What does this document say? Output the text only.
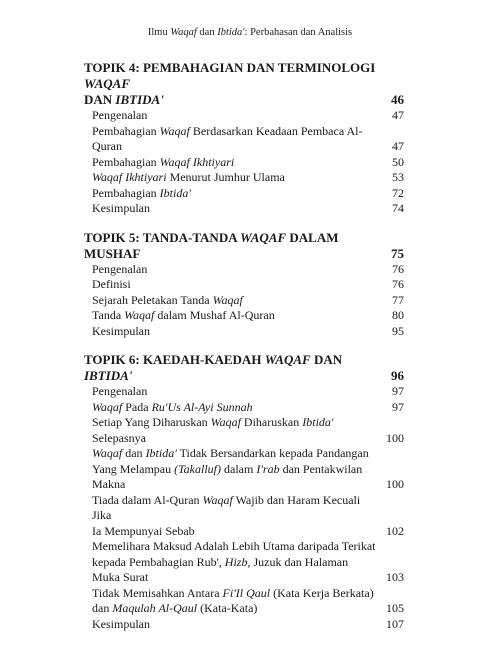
Ilmu Waqaf dan Ibtida': Perbahasan dan Analisis
TOPIK 4: PEMBAHAGIAN DAN TERMINOLOGI WAQAF
DAN IBTIDA'	46
Pengenalan	47
Pembahagian Waqaf Berdasarkan Keadaan Pembaca Al-Quran	47
Pembahagian Waqaf Ikhtiyari	50
Waqaf Ikhtiyari Menurut Jumhur Ulama	53
Pembahagian Ibtida'	72
Kesimpulan	74
TOPIK 5: TANDA-TANDA WAQAF DALAM MUSHAF	75
Pengenalan	76
Definisi	76
Sejarah Peletakan Tanda Waqaf	77
Tanda Waqaf dalam Mushaf Al-Quran	80
Kesimpulan	95
TOPIK 6: KAEDAH-KAEDAH WAQAF DAN IBTIDA'	96
Pengenalan	97
Waqaf Pada Ru'Us Al-Ayi Sunnah	97
Setiap Yang Diharuskan Waqaf Diharuskan Ibtida'
Selepasnya	100
Waqaf dan Ibtida' Tidak Bersandarkan kepada Pandangan
Yang Melampau (Takalluf) dalam I'rab dan Pentakwilan
Makna	100
Tiada dalam Al-Quran Waqaf Wajib dan Haram Kecuali Jika
Ia Mempunyai Sebab	102
Memelihara Maksud Adalah Lebih Utama daripada Terikat
kepada Pembahagian Rub', Hizb, Juzuk dan Halaman
Muka Surat	103
Tidak Memisahkan Antara Fi'Il Qaul (Kata Kerja Berkata)
dan Maqulah Al-Qaul (Kata-Kata)	105
Kesimpulan	107
